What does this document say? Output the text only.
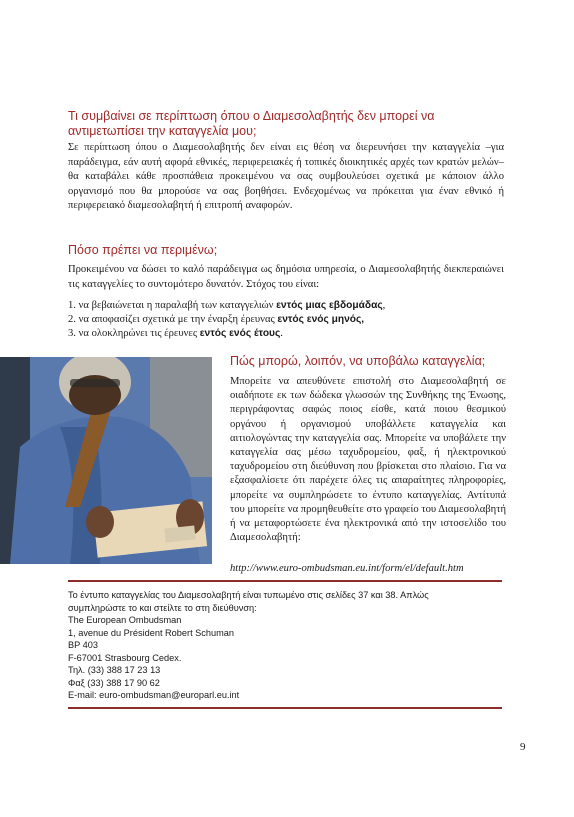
Τι συμβαίνει σε περίπτωση όπου ο Διαμεσολαβητής δεν μπορεί να αντιμετωπίσει την καταγγελία μου;

Σε περίπτωση όπου ο Διαμεσολαβητής δεν είναι εις θέση να διερευνήσει την καταγγελία –για παράδειγμα, εάν αυτή αφορά εθνικές, περιφερειακές ή τοπικές διοικητικές αρχές των κρατών μελών– θα καταβάλει κάθε προσπάθεια προκειμένου να σας συμβουλεύσει σχετικά με κάποιον άλλο οργανισμό που θα μπορούσε να σας βοηθήσει. Ενδεχομένως να πρόκειται για έναν εθνικό ή περιφερειακό διαμεσολαβητή ή επιτροπή αναφορών.

Πόσο πρέπει να περιμένω;

Προκειμένου να δώσει το καλό παράδειγμα ως δημόσια υπηρεσία, ο Διαμεσολαβητής διεκπεραιώνει τις καταγγελίες το συντομότερο δυνατόν. Στόχος του είναι:

1. να βεβαιώνεται η παραλαβή των καταγγελιών εντός μιας εβδομάδας,
2. να αποφασίζει σχετικά με την έναρξη έρευνας εντός ενός μηνός,
3. να ολοκληρώνει τις έρευνες εντός ενός έτους.
Πώς μπορώ, λοιπόν, να υποβάλω καταγγελία;

Μπορείτε να απευθύνετε επιστολή στο Διαμεσολαβητή σε οιαδήποτε εκ των δώδεκα γλωσσών της Συνθήκης της Ένωσης, περιγράφοντας σαφώς ποιος είσθε, κατά ποιου θεσμικού οργάνου ή οργανισμού υποβάλλετε καταγγελία και αιτιολογώντας την καταγγελία σας. Μπορείτε να υποβάλετε την καταγγελία σας μέσω ταχυδρομείου, φαξ, ή ηλεκτρονικού ταχυδρομείου στη διεύθυνση που βρίσκεται στο πλαίσιο. Για να εξασφαλίσετε ότι παρέχετε όλες τις απαραίτητες πληροφορίες, μπορείτε να συμπληρώσετε το έντυπο καταγγελίας. Αντίτυπά του μπορείτε να προμηθευθείτε στο γραφείο του Διαμεσολαβητή ή να μεταφορτώσετε ένα ηλεκτρονικά από την ιστοσελίδο του Διαμεσολαβητή:

http://www.euro-ombudsman.eu.int/form/el/default.htm

Το έντυπο καταγγελίας του Διαμεσολαβητή είναι τυπωμένο στις σελίδες 37 και 38. Απλώς συμπληρώστε το και στείλτε το στη διεύθυνση:

The European Ombudsman
1, avenue du Président Robert Schuman
BP 403
F-67001 Strasbourg Cedex.
Τηλ. (33) 388 17 23 13
Φαξ (33) 388 17 90 62
E-mail: euro-ombudsman@europarl.eu.int
9
